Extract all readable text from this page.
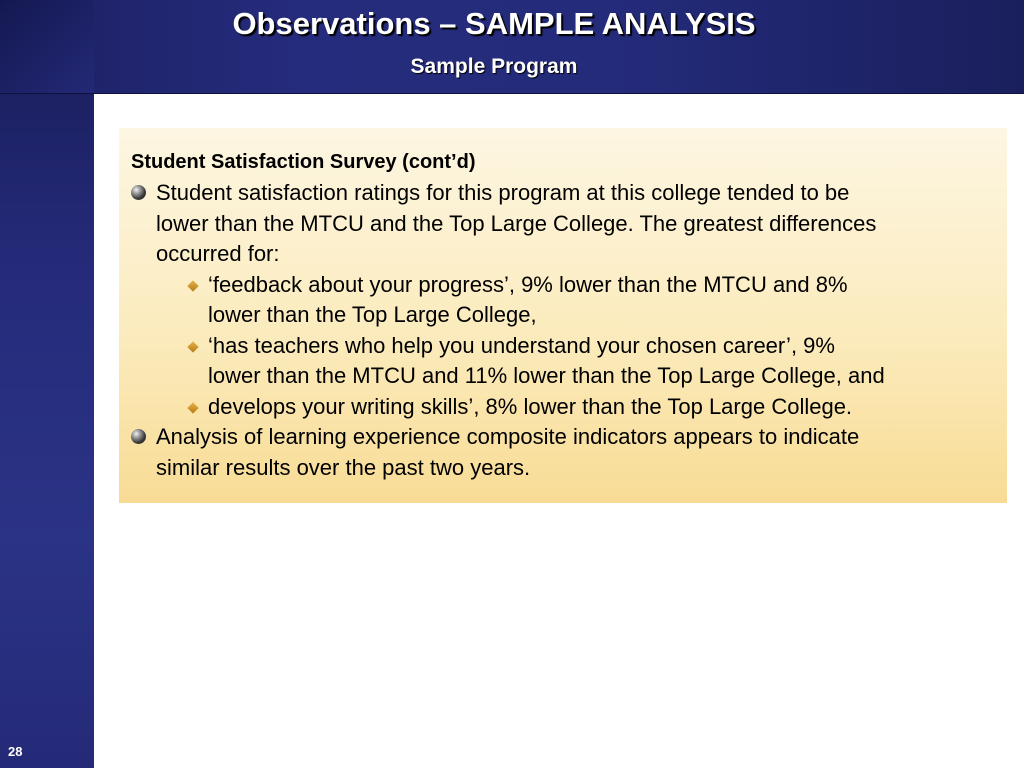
Observations – SAMPLE ANALYSIS
Sample Program
28
Student Satisfaction Survey (cont’d)
Student satisfaction ratings for this program at this college tended to be
lower than the MTCU and the Top Large College. The greatest differences
occurred for:
‘feedback about your progress’, 9% lower than the MTCU and 8%
lower than the Top Large College,
‘has teachers who help you understand your chosen career’, 9%
lower than the MTCU and 11% lower than the Top Large College, and
develops your writing skills’, 8% lower than the Top Large College.
Analysis of learning experience composite indicators appears to indicate
similar results over the past two years.
